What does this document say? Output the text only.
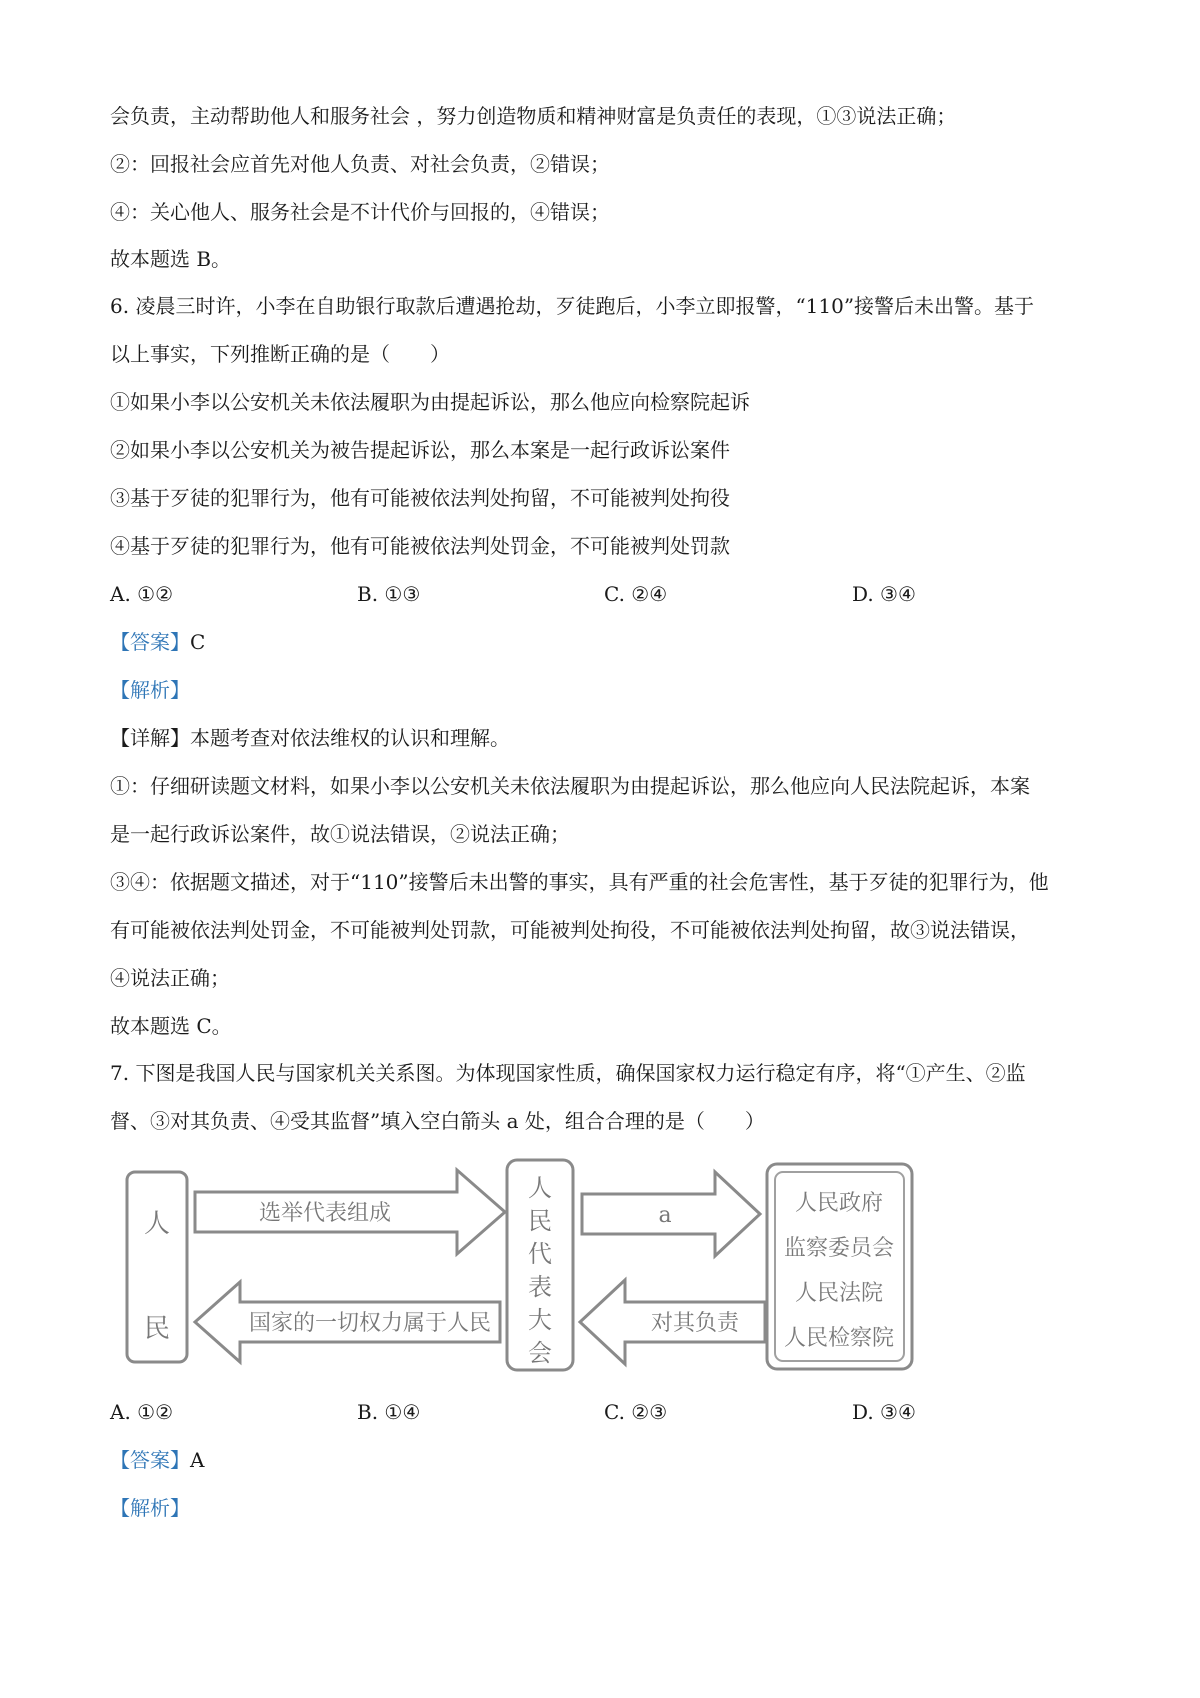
会负责，主动帮助他人和服务社会 ，努力创造物质和精神财富是负责任的表现，①③说法正确；
②：回报社会应首先对他人负责、对社会负责，②错误；
④：关心他人、服务社会是不计代价与回报的，④错误；
故本题选 B。
6. 凌晨三时许，小李在自助银行取款后遭遇抢劫，歹徒跑后，小李立即报警，“110”接警后未出警。基于
以上事实，下列推断正确的是（　　）
①如果小李以公安机关未依法履职为由提起诉讼，那么他应向检察院起诉
②如果小李以公安机关为被告提起诉讼，那么本案是一起行政诉讼案件
③基于歹徒的犯罪行为，他有可能被依法判处拘留，不可能被判处拘役
④基于歹徒的犯罪行为，他有可能被依法判处罚金，不可能被判处罚款
A. ①②	B. ①③	C. ②④	D. ③④
【答案】C
【解析】
【详解】本题考查对依法维权的认识和理解。
①：仔细研读题文材料，如果小李以公安机关未依法履职为由提起诉讼，那么他应向人民法院起诉，本案
是一起行政诉讼案件，故①说法错误，②说法正确；
③④：依据题文描述，对于“110”接警后未出警的事实，具有严重的社会危害性，基于歹徒的犯罪行为，他
有可能被依法判处罚金，不可能被判处罚款，可能被判处拘役，不可能被依法判处拘留，故③说法错误，
④说法正确；
故本题选 C。
7. 下图是我国人民与国家机关关系图。为体现国家性质，确保国家权力运行稳定有序，将“①产生、②监
督、③对其负责、④受其监督”填入空白箭头 a 处，组合合理的是（　　）
人
民
选举代表组成
国家的一切权力属于人民
人
民
代
表
大
会
a
对其负责
人民政府
监察委员会
人民法院
人民检察院
A. ①②	B. ①④	C. ②③	D. ③④
【答案】A
【解析】
